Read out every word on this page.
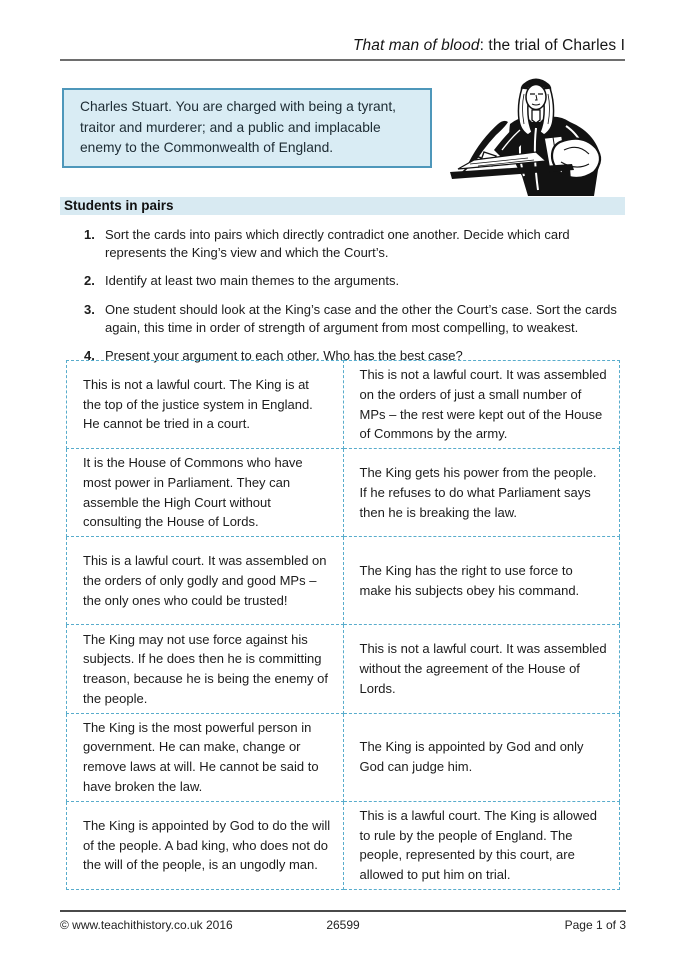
That man of blood: the trial of Charles I

Charles Stuart. You are charged with being a tyrant, traitor and murderer; and a public and implacable enemy to the Commonwealth of England.

Students in pairs
1. Sort the cards into pairs which directly contradict one another. Decide which card represents the King’s view and which the Court’s.
2. Identify at least two main themes to the arguments.
3. One student should look at the King’s case and the other the Court’s case. Sort the cards again, this time in order of strength of argument from most compelling, to weakest.
4. Present your argument to each other. Who has the best case?

This is not a lawful court. The King is at the top of the justice system in England. He cannot be tried in a court.	This is not a lawful court. It was assembled on the orders of just a small number of MPs – the rest were kept out of the House of Commons by the army.

It is the House of Commons who have most power in Parliament. They can assemble the High Court without consulting the House of Lords.	The King gets his power from the people. If he refuses to do what Parliament says then he is breaking the law.

This is a lawful court. It was assembled on the orders of only godly and good MPs – the only ones who could be trusted!	The King has the right to use force to make his subjects obey his command.

The King may not use force against his subjects. If he does then he is committing treason, because he is being the enemy of the people.	This is not a lawful court. It was assembled without the agreement of the House of Lords.

The King is the most powerful person in government. He can make, change or remove laws at will. He cannot be said to have broken the law.	The King is appointed by God and only God can judge him.

The King is appointed by God to do the will of the people. A bad king, who does not do the will of the people, is an ungodly man.	This is a lawful court. The King is allowed to rule by the people of England. The people, represented by this court, are allowed to put him on trial.

© www.teachithistory.co.uk 2016	26599	Page 1 of 3
